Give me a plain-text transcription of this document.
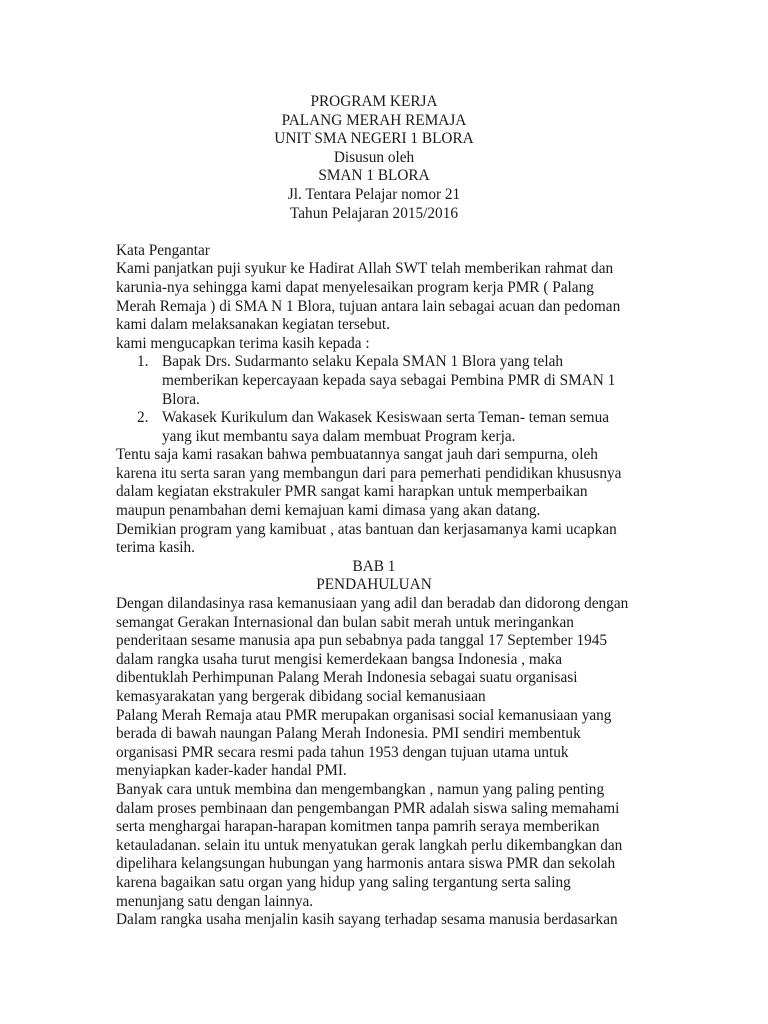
PROGRAM KERJA
PALANG MERAH REMAJA
UNIT SMA NEGERI 1 BLORA
Disusun oleh
SMAN 1 BLORA
Jl. Tentara Pelajar nomor 21
Tahun Pelajaran 2015/2016

Kata Pengantar

Kami panjatkan puji syukur ke Hadirat Allah SWT telah memberikan rahmat dan karunia-nya sehingga kami dapat menyelesaikan program kerja PMR ( Palang Merah Remaja ) di SMA N 1 Blora, tujuan antara lain sebagai acuan dan pedoman kami dalam melaksanakan kegiatan tersebut.

kami mengucapkan terima kasih kepada :

1. Bapak Drs. Sudarmanto selaku Kepala SMAN 1 Blora yang telah memberikan kepercayaan kepada saya sebagai Pembina PMR di SMAN 1 Blora.
2. Wakasek Kurikulum dan Wakasek Kesiswaan serta Teman- teman semua yang ikut membantu saya dalam membuat Program kerja.

Tentu saja kami rasakan bahwa pembuatannya sangat jauh dari sempurna, oleh karena itu serta saran yang membangun dari para pemerhati pendidikan khususnya dalam kegiatan ekstrakuler PMR sangat kami harapkan untuk memperbaikan maupun penambahan demi kemajuan kami dimasa yang akan datang.

Demikian program yang kamibuat , atas bantuan dan kerjasamanya kami ucapkan terima kasih.

BAB 1

PENDAHULUAN

Dengan dilandasinya rasa kemanusiaan yang adil dan beradab dan didorong dengan semangat Gerakan Internasional dan bulan sabit merah untuk meringankan penderitaan sesame manusia apa pun sebabnya pada tanggal 17 September 1945 dalam rangka usaha turut mengisi kemerdekaan bangsa Indonesia , maka dibentuklah Perhimpunan Palang Merah Indonesia sebagai suatu organisasi kemasyarakatan yang bergerak dibidang social kemanusiaan

Palang Merah Remaja atau PMR merupakan organisasi social kemanusiaan yang berada di bawah naungan Palang Merah Indonesia. PMI sendiri membentuk organisasi PMR secara resmi pada tahun 1953 dengan tujuan utama untuk menyiapkan kader-kader handal PMI.

Banyak cara untuk membina dan mengembangkan , namun yang paling penting dalam proses pembinaan dan pengembangan PMR adalah siswa saling memahami serta menghargai harapan-harapan komitmen tanpa pamrih seraya memberikan ketauladanan. selain itu untuk menyatukan gerak langkah perlu dikembangkan dan dipelihara kelangsungan hubungan yang harmonis antara siswa PMR dan sekolah karena bagaikan satu organ yang hidup yang saling tergantung serta saling menunjang satu dengan lainnya.

Dalam rangka usaha menjalin kasih sayang terhadap sesama manusia berdasarkan
